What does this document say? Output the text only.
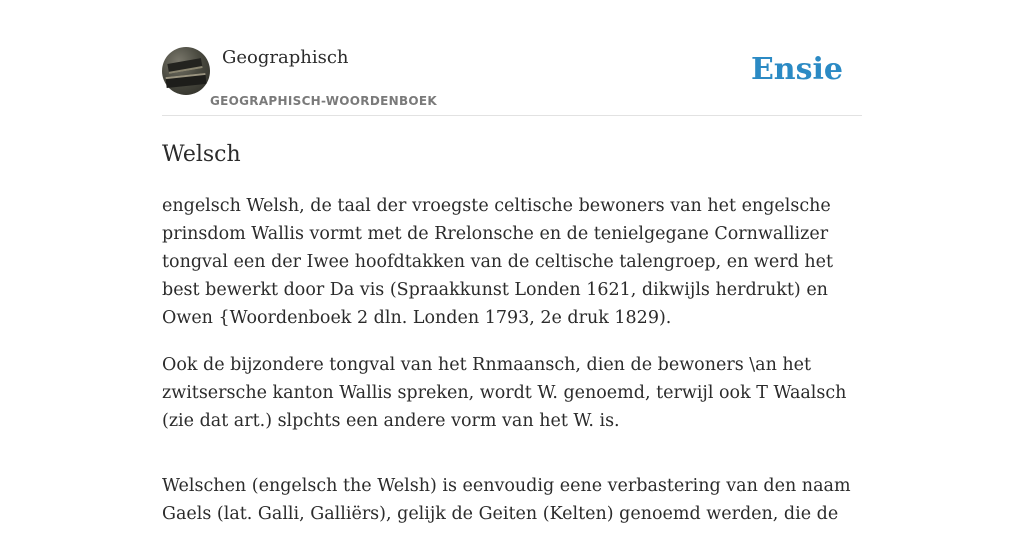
Geographisch
GEOGRAPHISCH-WOORDENBOEK
Ensie
Welsch

engelsch Welsh, de taal der vroegste celtische bewoners van het engelsche prinsdom Wallis vormt met de Rrelonsche en de tenielgegane Cornwallizer tongval een der Iwee hoofdtakken van de celtische talengroep, en werd het best bewerkt door Da vis (Spraakkunst Londen 1621, dikwijls herdrukt) en Owen {Woordenboek 2 dln. Londen 1793, 2e druk 1829).

Ook de bijzondere tongval van het Rnmaansch, dien de bewoners \an het zwitsersche kanton Wallis spreken, wordt W. genoemd, terwijl ook T Waalsch (zie dat art.) slpchts een andere vorm van het W. is.

Welschen (engelsch the Welsh) is eenvoudig eene verbastering van den naam Gaels (lat. Galli, Galliërs), gelijk de Geiten (Kelten) genoemd werden, die de
